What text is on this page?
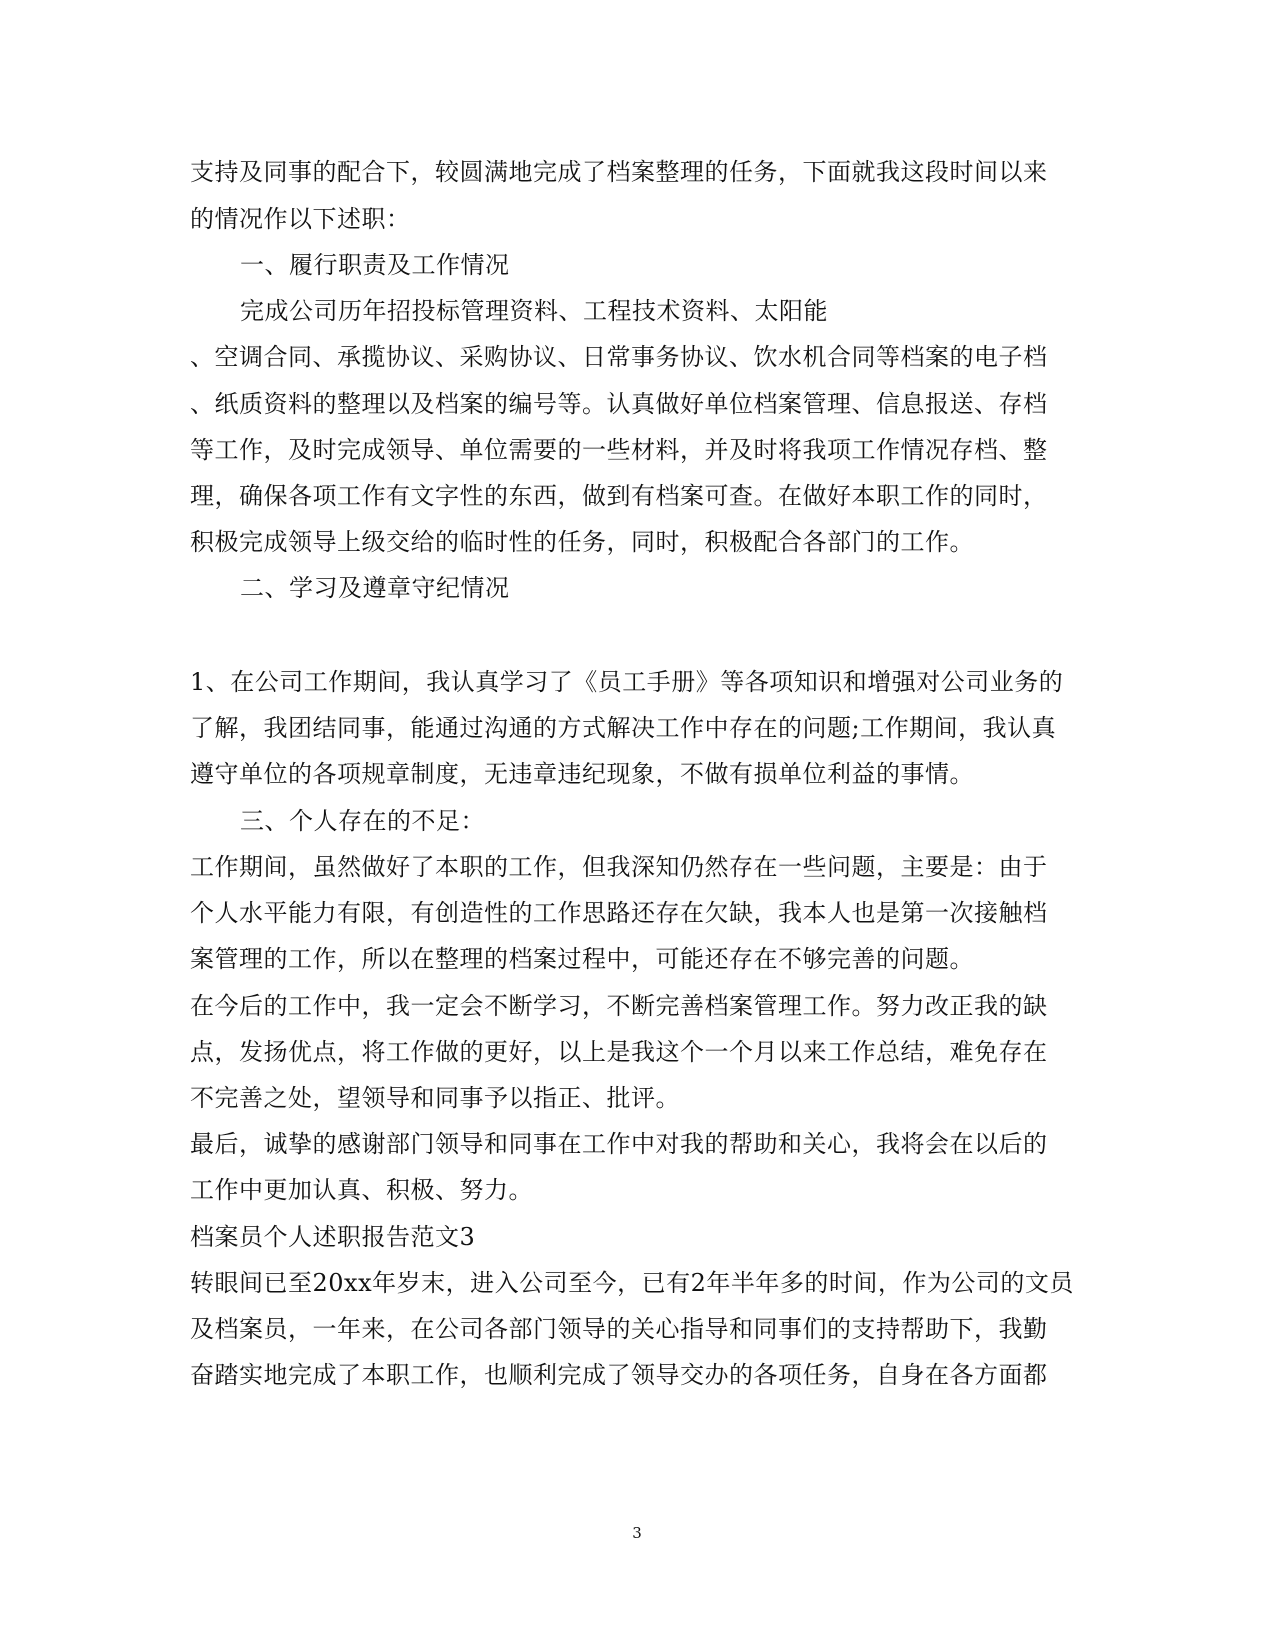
支持及同事的配合下，较圆满地完成了档案整理的任务，下面就我这段时间以来
的情况作以下述职：
一、履行职责及工作情况
完成公司历年招投标管理资料、工程技术资料、太阳能
、空调合同、承揽协议、采购协议、日常事务协议、饮水机合同等档案的电子档
、纸质资料的整理以及档案的编号等。认真做好单位档案管理、信息报送、存档
等工作，及时完成领导、单位需要的一些材料，并及时将我项工作情况存档、整
理，确保各项工作有文字性的东西，做到有档案可查。在做好本职工作的同时，
积极完成领导上级交给的临时性的任务，同时，积极配合各部门的工作。
二、学习及遵章守纪情况
1、在公司工作期间，我认真学习了《员工手册》等各项知识和增强对公司业务的
了解，我团结同事，能通过沟通的方式解决工作中存在的问题;工作期间，我认真
遵守单位的各项规章制度，无违章违纪现象，不做有损单位利益的事情。
三、个人存在的不足：
工作期间，虽然做好了本职的工作，但我深知仍然存在一些问题，主要是：由于
个人水平能力有限，有创造性的工作思路还存在欠缺，我本人也是第一次接触档
案管理的工作，所以在整理的档案过程中，可能还存在不够完善的问题。
在今后的工作中，我一定会不断学习，不断完善档案管理工作。努力改正我的缺
点，发扬优点，将工作做的更好，以上是我这个一个月以来工作总结，难免存在
不完善之处，望领导和同事予以指正、批评。
最后，诚挚的感谢部门领导和同事在工作中对我的帮助和关心，我将会在以后的
工作中更加认真、积极、努力。
档案员个人述职报告范文3
转眼间已至20xx年岁末，进入公司至今，已有2年半年多的时间，作为公司的文员
及档案员，一年来，在公司各部门领导的关心指导和同事们的支持帮助下，我勤
奋踏实地完成了本职工作，也顺利完成了领导交办的各项任务，自身在各方面都
3
